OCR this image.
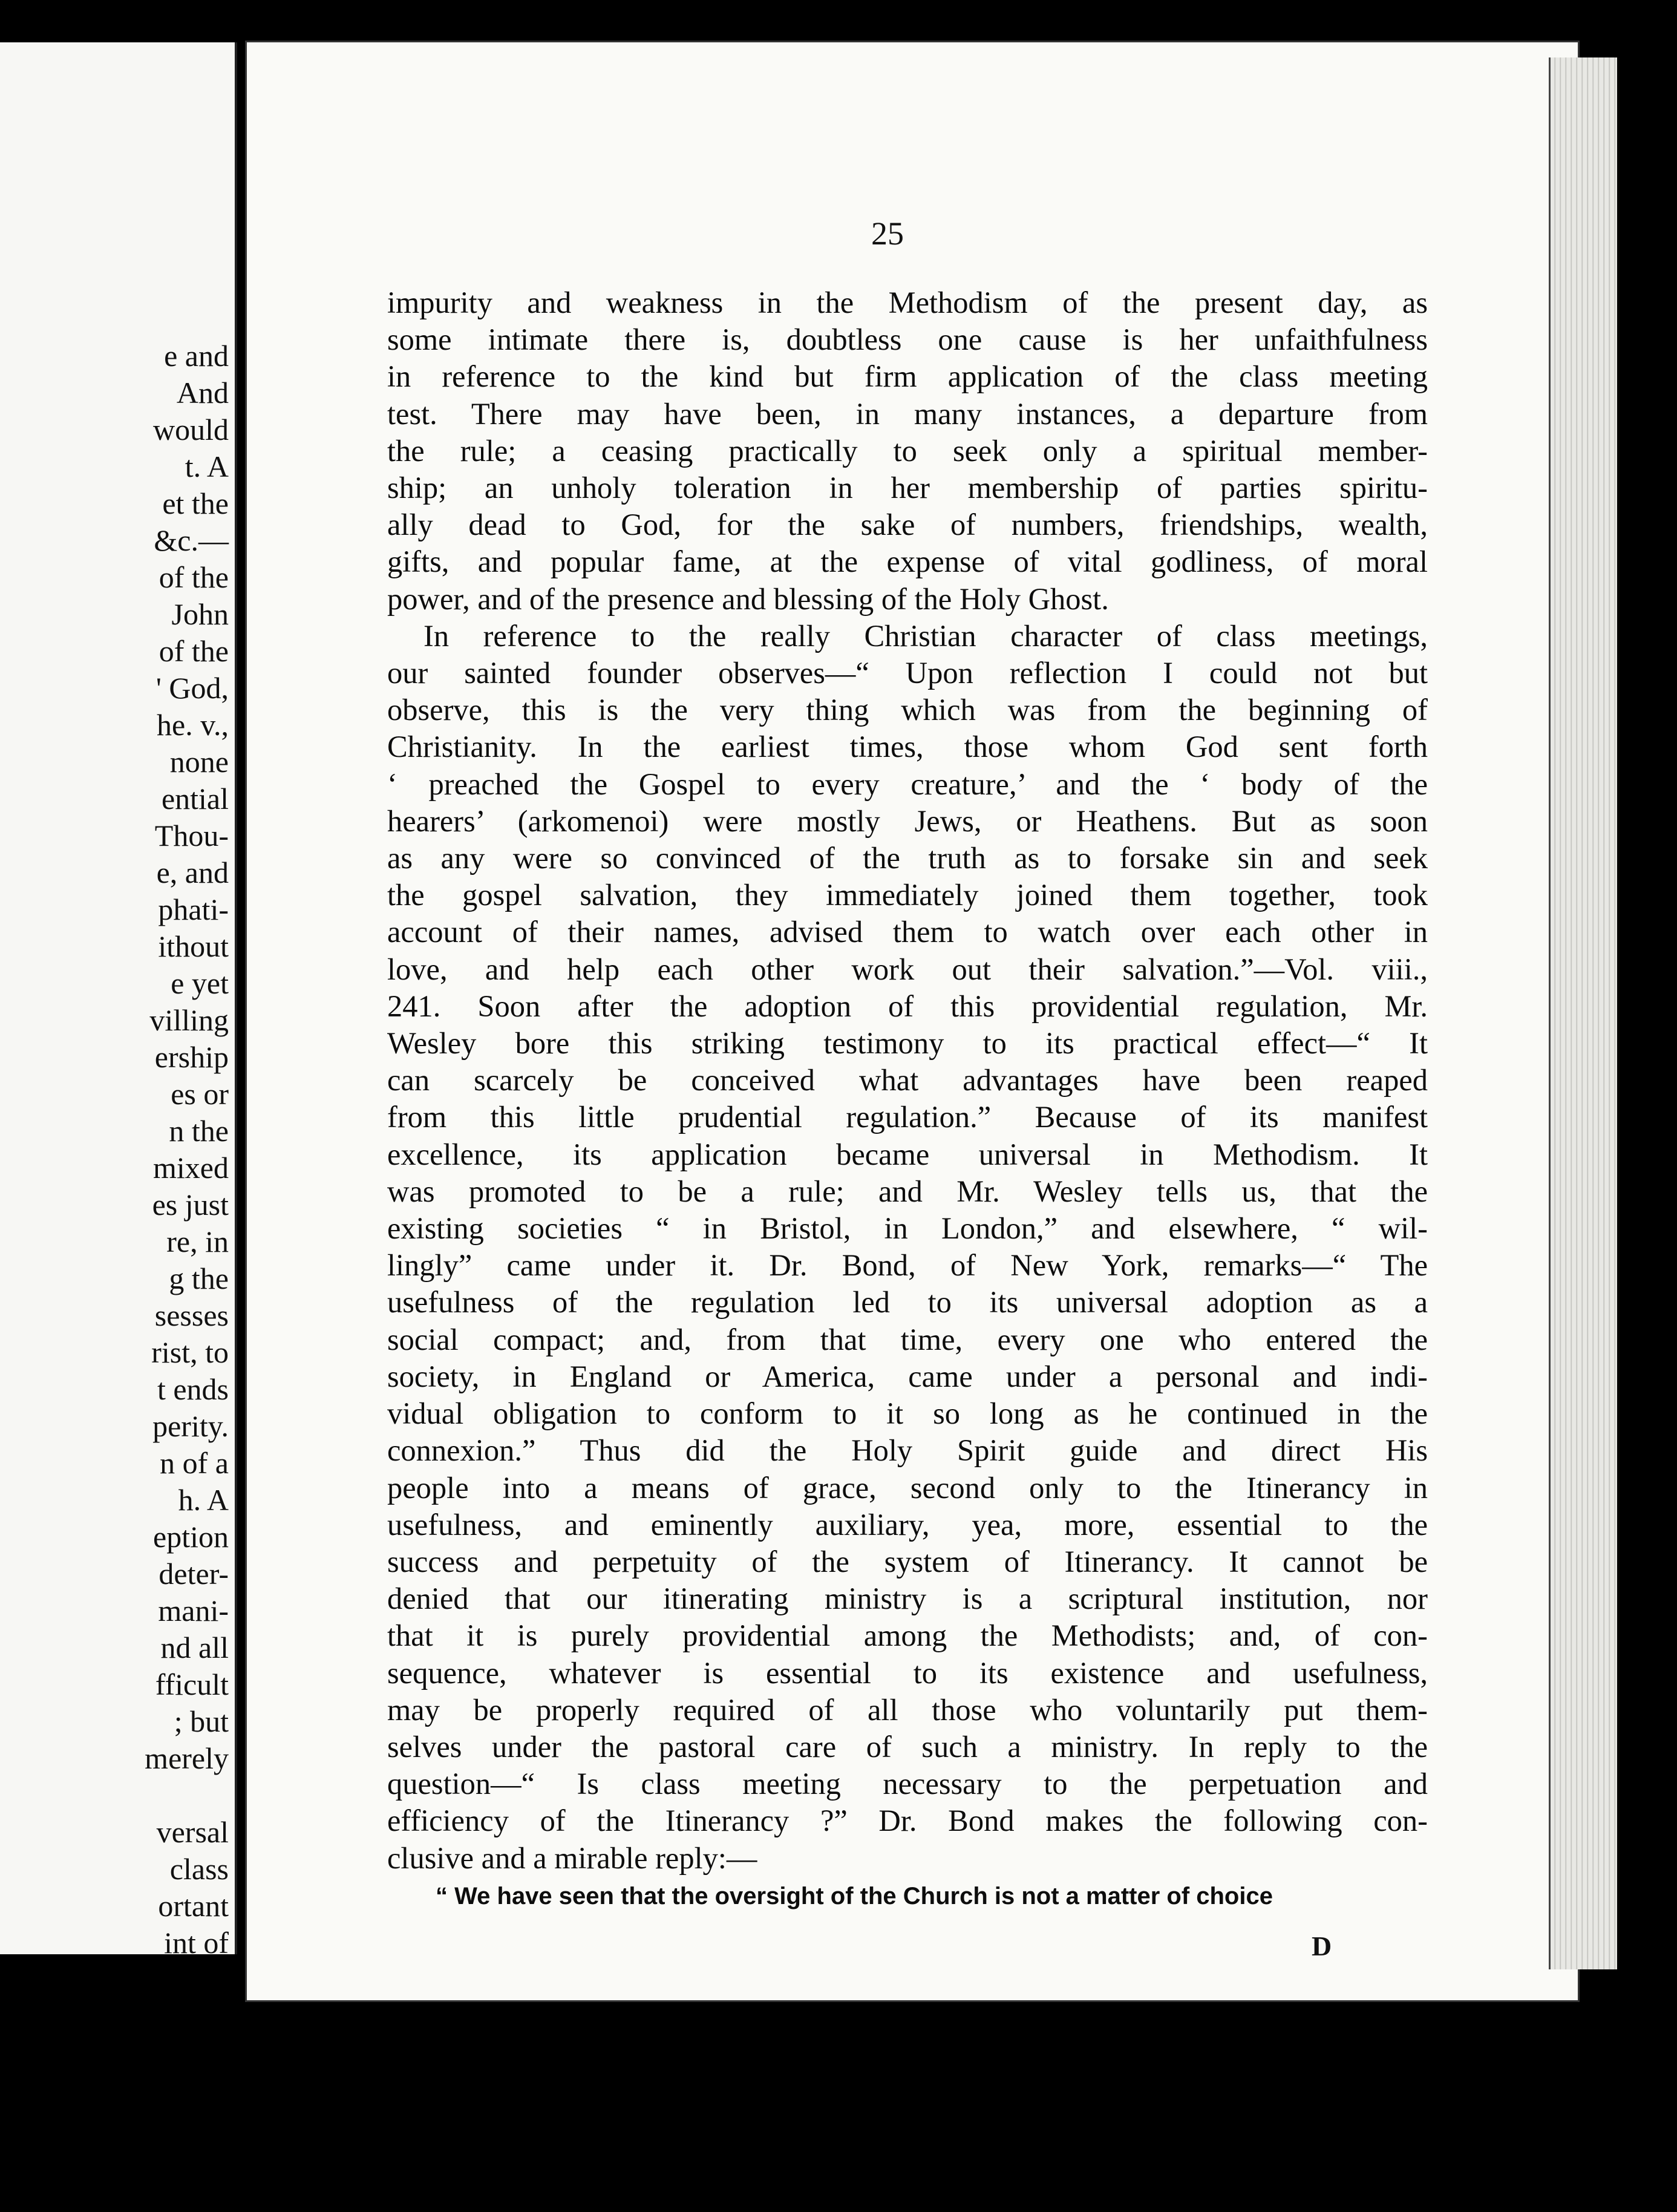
e and
And
would
t. A
et the
&c.—
of the
John
of the
' God,
he. v.,
none
ential
Thou-
e, and
phati-
ithout
e yet
villing
ership
es or
n the
mixed
es just
re, in
g the
sesses
rist, to
t ends
perity.
n of a
h. A
eption
deter-
mani-
nd all
fficult
; but
merely

versal
class
ortant
int of
25
impurity and weakness in the Methodism of the present day, as
some intimate there is, doubtless one cause is her unfaithfulness
in reference to the kind but firm application of the class meeting
test. There may have been, in many instances, a departure from
the rule; a ceasing practically to seek only a spiritual member-
ship; an unholy toleration in her membership of parties spiritu-
ally dead to God, for the sake of numbers, friendships, wealth,
gifts, and popular fame, at the expense of vital godliness, of moral
power, and of the presence and blessing of the Holy Ghost.
In reference to the really Christian character of class meetings,
our sainted founder observes—“ Upon reflection I could not but
observe, this is the very thing which was from the beginning of
Christianity. In the earliest times, those whom God sent forth
‘ preached the Gospel to every creature,’ and the ‘ body of the
hearers’ (arkomenoi) were mostly Jews, or Heathens. But as soon
as any were so convinced of the truth as to forsake sin and seek
the gospel salvation, they immediately joined them together, took
account of their names, advised them to watch over each other in
love, and help each other work out their salvation.”—Vol. viii.,
241. Soon after the adoption of this providential regulation, Mr.
Wesley bore this striking testimony to its practical effect—“ It
can scarcely be conceived what advantages have been reaped
from this little prudential regulation.” Because of its manifest
excellence, its application became universal in Methodism. It
was promoted to be a rule; and Mr. Wesley tells us, that the
existing societies “ in Bristol, in London,” and elsewhere, “ wil-
lingly” came under it. Dr. Bond, of New York, remarks—“ The
usefulness of the regulation led to its universal adoption as a
social compact; and, from that time, every one who entered the
society, in England or America, came under a personal and indi-
vidual obligation to conform to it so long as he continued in the
connexion.” Thus did the Holy Spirit guide and direct His
people into a means of grace, second only to the Itinerancy in
usefulness, and eminently auxiliary, yea, more, essential to the
success and perpetuity of the system of Itinerancy. It cannot be
denied that our itinerating ministry is a scriptural institution, nor
that it is purely providential among the Methodists; and, of con-
sequence, whatever is essential to its existence and usefulness,
may be properly required of all those who voluntarily put them-
selves under the pastoral care of such a ministry. In reply to the
question—“ Is class meeting necessary to the perpetuation and
efficiency of the Itinerancy ?” Dr. Bond makes the following con-
clusive and a mirable reply:—
“ We have seen that the oversight of the Church is not a matter of choice
D
